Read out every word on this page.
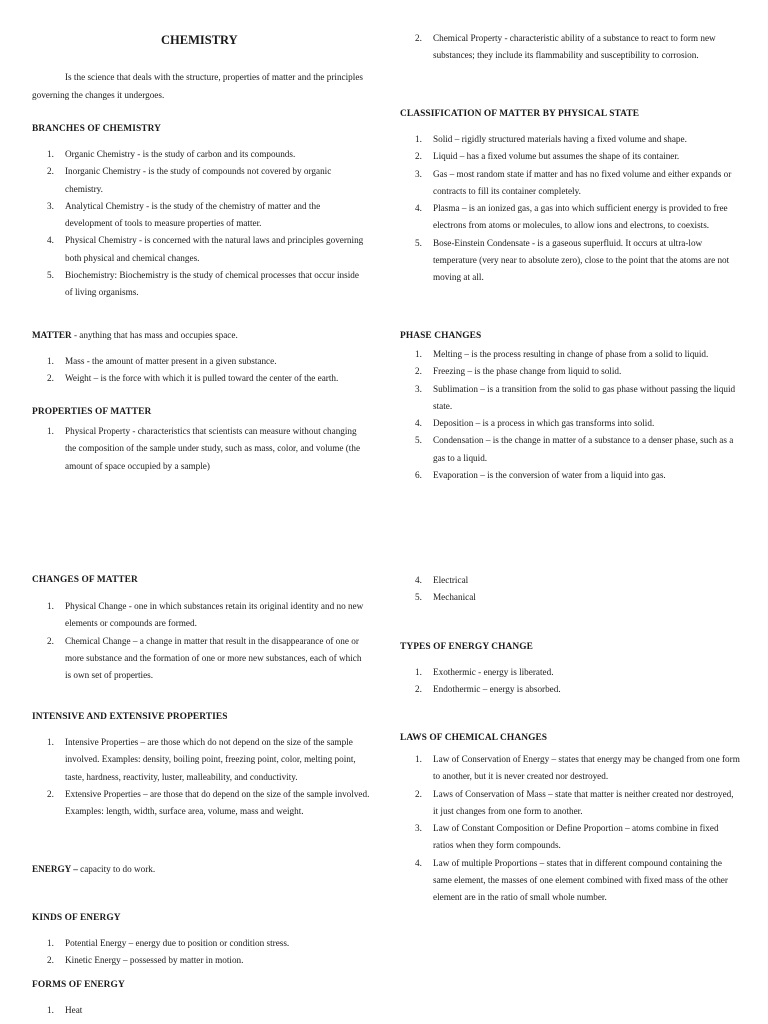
CHEMISTRY
Is the science that deals with the structure, properties of matter and the principles governing the changes it undergoes.
BRANCHES OF CHEMISTRY
1. Organic Chemistry - is the study of carbon and its compounds.
2. Inorganic Chemistry - is the study of compounds not covered by organic chemistry.
3. Analytical Chemistry - is the study of the chemistry of matter and the development of tools to measure properties of matter.
4. Physical Chemistry - is concerned with the natural laws and principles governing both physical and chemical changes.
5. Biochemistry: Biochemistry is the study of chemical processes that occur inside of living organisms.
MATTER - anything that has mass and occupies space.
1. Mass - the amount of matter present in a given substance.
2. Weight – is the force with which it is pulled toward the center of the earth.
PROPERTIES OF MATTER
1. Physical Property - characteristics that scientists can measure without changing the composition of the sample under study, such as mass, color, and volume (the amount of space occupied by a sample)
2. Chemical Property - characteristic ability of a substance to react to form new substances; they include its flammability and susceptibility to corrosion.
CLASSIFICATION OF MATTER BY PHYSICAL STATE
1. Solid – rigidly structured materials having a fixed volume and shape.
2. Liquid – has a fixed volume but assumes the shape of its container.
3. Gas – most random state if matter and has no fixed volume and either expands or contracts to fill its container completely.
4. Plasma – is an ionized gas, a gas into which sufficient energy is provided to free electrons from atoms or molecules, to allow ions and electrons, to coexists.
5. Bose-Einstein Condensate - is a gaseous superfluid. It occurs at ultra-low temperature (very near to absolute zero), close to the point that the atoms are not moving at all.
PHASE CHANGES
1. Melting – is the process resulting in change of phase from a solid to liquid.
2. Freezing – is the phase change from liquid to solid.
3. Sublimation – is a transition from the solid to gas phase without passing the liquid state.
4. Deposition – is a process in which gas transforms into solid.
5. Condensation – is the change in matter of a substance to a denser phase, such as a gas to a liquid.
6. Evaporation – is the conversion of water from a liquid into gas.
CHANGES OF MATTER
1. Physical Change - one in which substances retain its original identity and no new elements or compounds are formed.
2. Chemical Change – a change in matter that result in the disappearance of one or more substance and the formation of one or more new substances, each of which is own set of properties.
INTENSIVE AND EXTENSIVE PROPERTIES
1. Intensive Properties – are those which do not depend on the size of the sample involved. Examples: density, boiling point, freezing point, color, melting point, taste, hardness, reactivity, luster, malleability, and conductivity.
2. Extensive Properties – are those that do depend on the size of the sample involved. Examples: length, width, surface area, volume, mass and weight.
ENERGY – capacity to do work.
KINDS OF ENERGY
1. Potential Energy – energy due to position or condition stress.
2. Kinetic Energy – possessed by matter in motion.
FORMS OF ENERGY
1. Heat
4. Electrical
5. Mechanical
TYPES OF ENERGY CHANGE
1. Exothermic - energy is liberated.
2. Endothermic – energy is absorbed.
LAWS OF CHEMICAL CHANGES
1. Law of Conservation of Energy – states that energy may be changed from one form to another, but it is never created nor destroyed.
2. Laws of Conservation of Mass – state that matter is neither created nor destroyed, it just changes from one form to another.
3. Law of Constant Composition or Define Proportion – atoms combine in fixed ratios when they form compounds.
4. Law of multiple Proportions – states that in different compound containing the same element, the masses of one element combined with fixed mass of the other element are in the ratio of small whole number.
